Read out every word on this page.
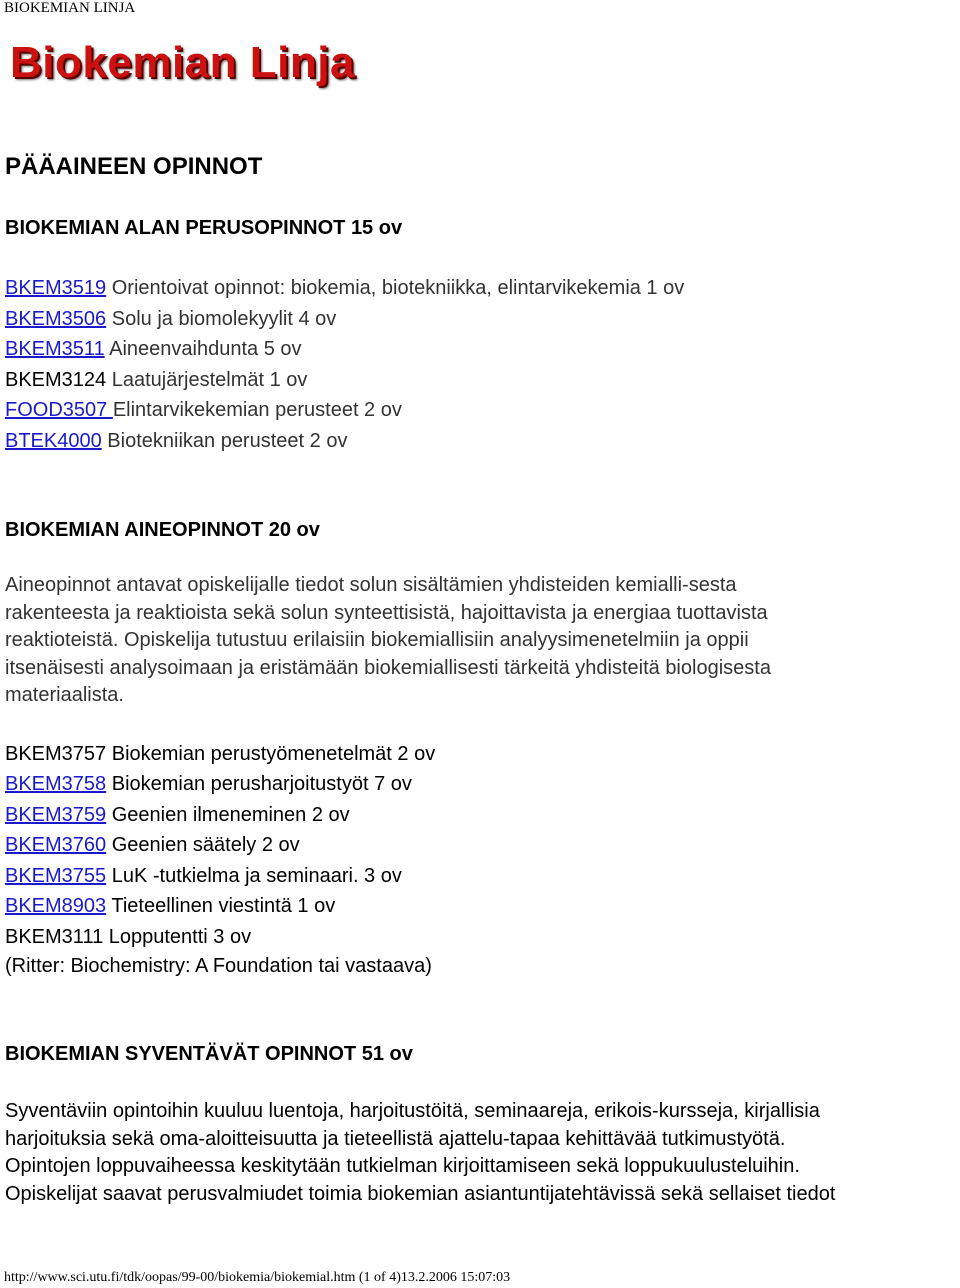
BIOKEMIAN LINJA
Biokemian Linja
PÄÄAINEEN OPINNOT
BIOKEMIAN ALAN PERUSOPINNOT 15 ov
BKEM3519 Orientoivat opinnot: biokemia, biotekniikka, elintarvikekemia 1 ov
BKEM3506 Solu ja biomolekyylit 4 ov
BKEM3511 Aineenvaihdunta 5 ov
BKEM3124 Laatujärjestelmät 1 ov
FOOD3507 Elintarvikekemian perusteet 2 ov
BTEK4000 Biotekniikan perusteet 2 ov
BIOKEMIAN AINEOPINNOT 20 ov

Aineopinnot antavat opiskelijalle tiedot solun sisältämien yhdisteiden kemialli-sesta
rakenteesta ja reaktioista sekä solun synteettisistä, hajoittavista ja energiaa tuottavista
reaktioteistä. Opiskelija tutustuu erilaisiin biokemiallisiin analyysimenetelmiin ja oppii
itsenäisesti analysoimaan ja eristämään biokemiallisesti tärkeitä yhdisteitä biologisesta
materiaalista.

BKEM3757 Biokemian perustyömenetelmät 2 ov
BKEM3758 Biokemian perusharjoitustyöt 7 ov
BKEM3759 Geenien ilmeneminen 2 ov
BKEM3760 Geenien säätely 2 ov
BKEM3755 LuK -tutkielma ja seminaari. 3 ov
BKEM8903 Tieteellinen viestintä 1 ov
BKEM3111 Lopputentti 3 ov

(Ritter: Biochemistry: A Foundation tai vastaava)

BIOKEMIAN SYVENTÄVÄT OPINNOT 51 ov

Syventäviin opintoihin kuuluu luentoja, harjoitustöitä, seminaareja, erikois-kursseja, kirjallisia
harjoituksia sekä oma-aloitteisuutta ja tieteellistä ajattelu-tapaa kehittävää tutkimustyötä.
Opintojen loppuvaiheessa keskitytään tutkielman kirjoittamiseen sekä loppukuulusteluihin.
Opiskelijat saavat perusvalmiudet toimia biokemian asiantuntijatehtävissä sekä sellaiset tiedot

http://www.sci.utu.fi/tdk/oopas/99-00/biokemia/biokemial.htm (1 of 4)13.2.2006 15:07:03
